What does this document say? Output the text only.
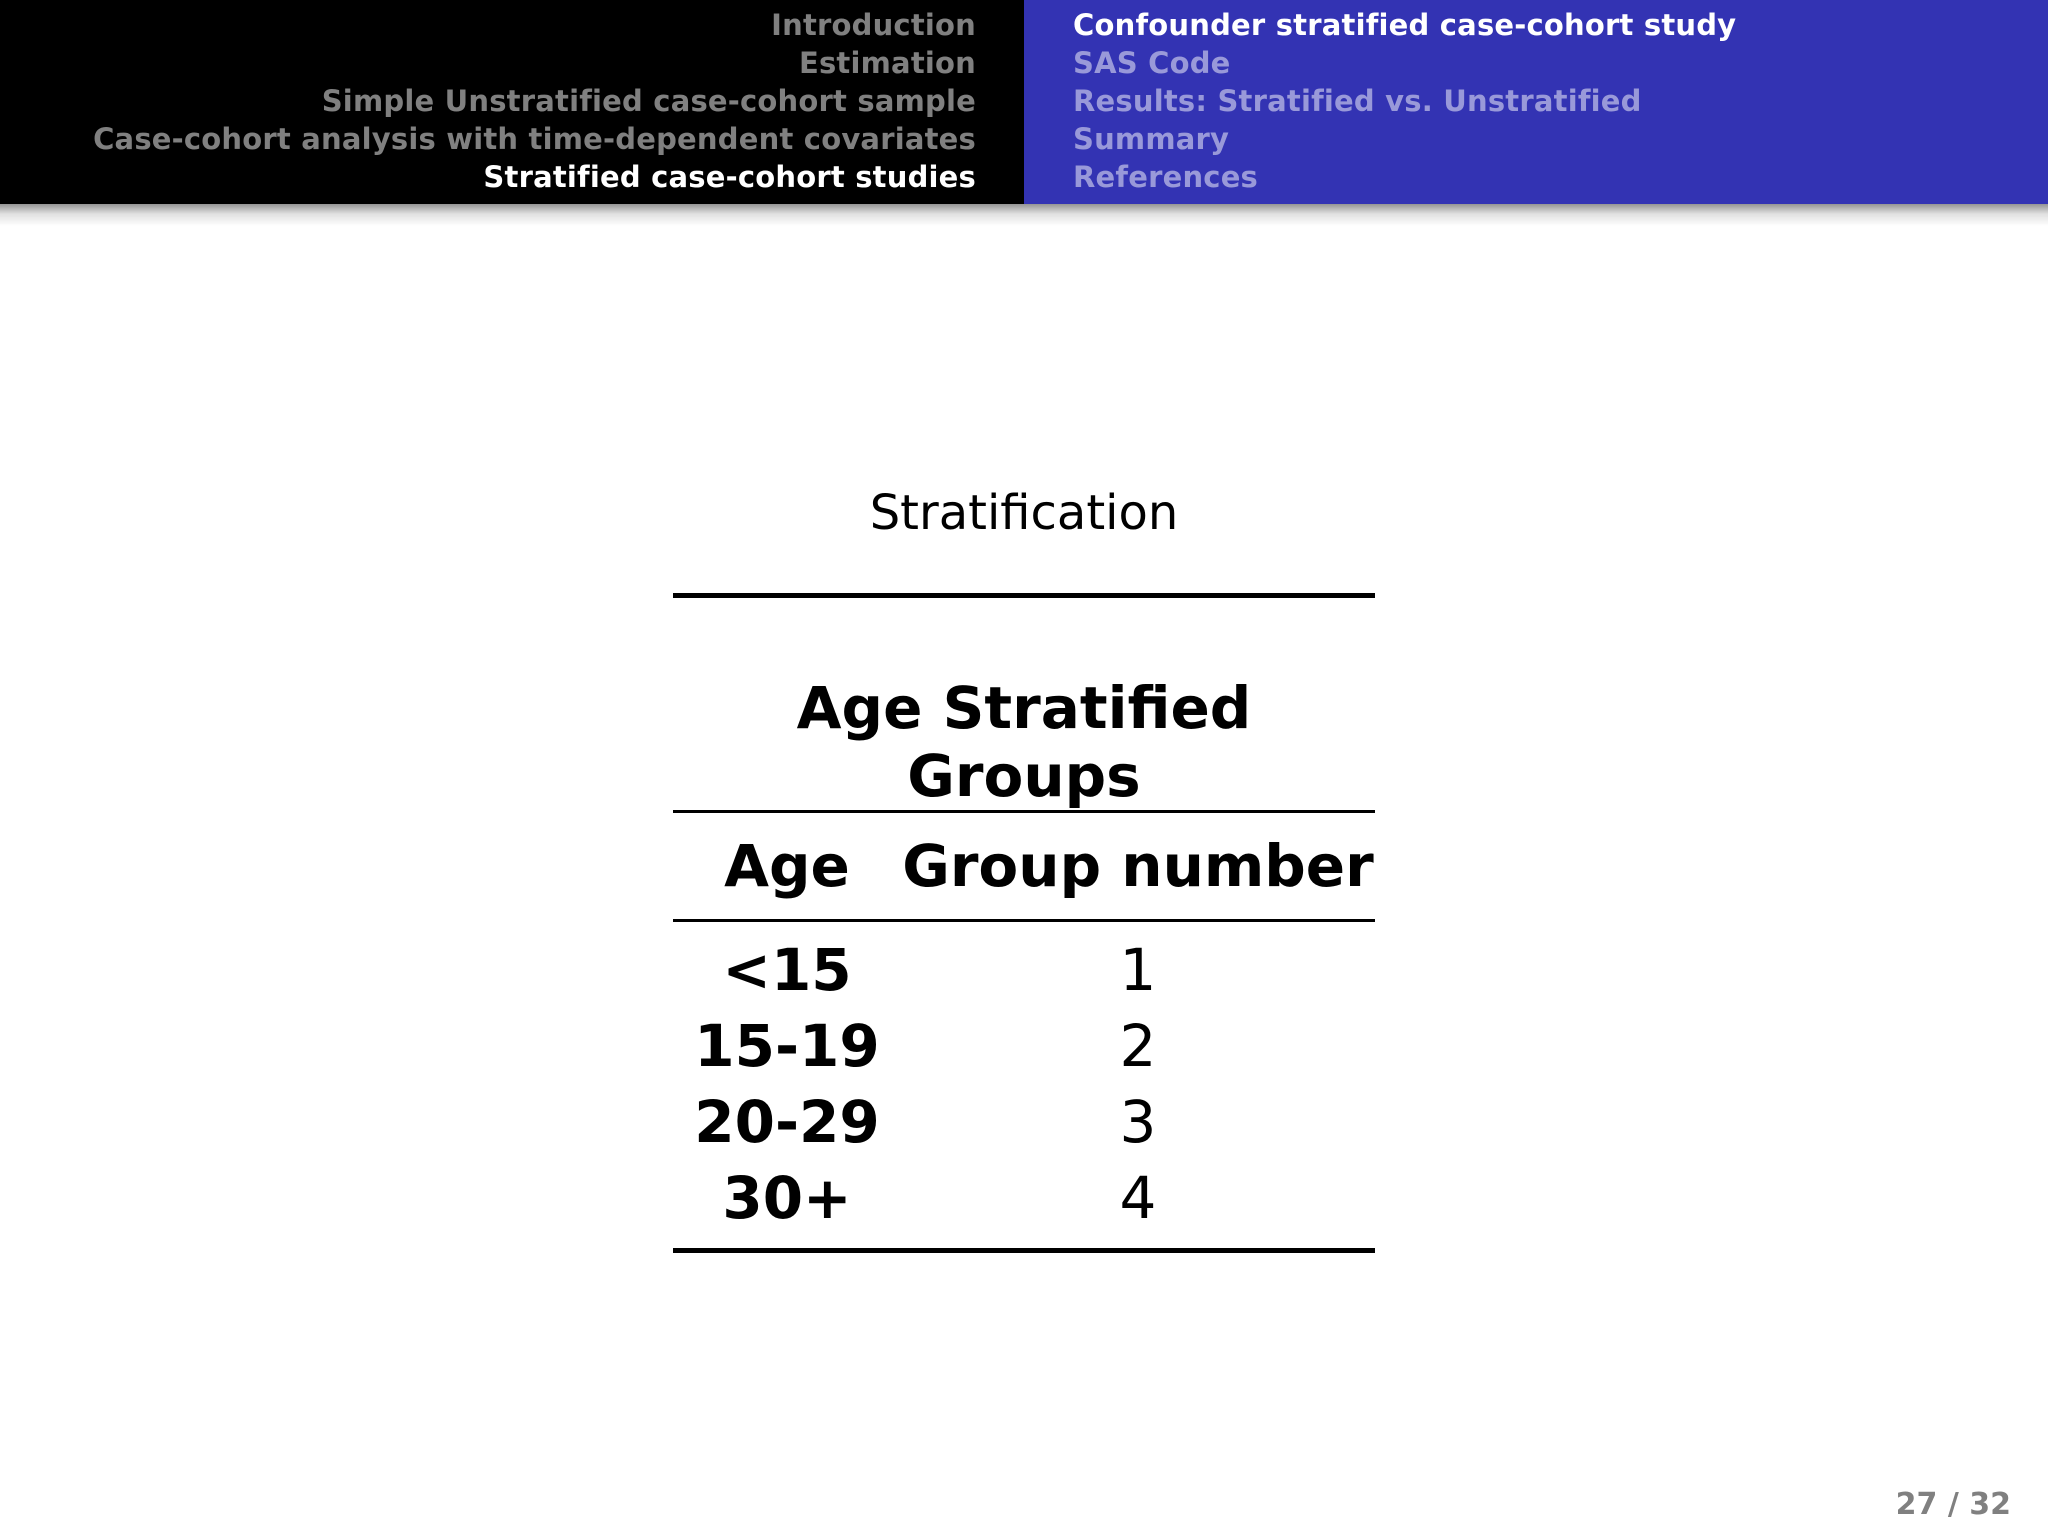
Introduction
Estimation
Simple Unstratified case-cohort sample
Case-cohort analysis with time-dependent covariates
Stratified case-cohort studies
Confounder stratified case-cohort study
SAS Code
Results: Stratified vs. Unstratified
Summary
References
Stratification

Age Stratified Groups	
Age	Group number
<15	1
15-19	2
20-29	3
30+	4
27 / 32
